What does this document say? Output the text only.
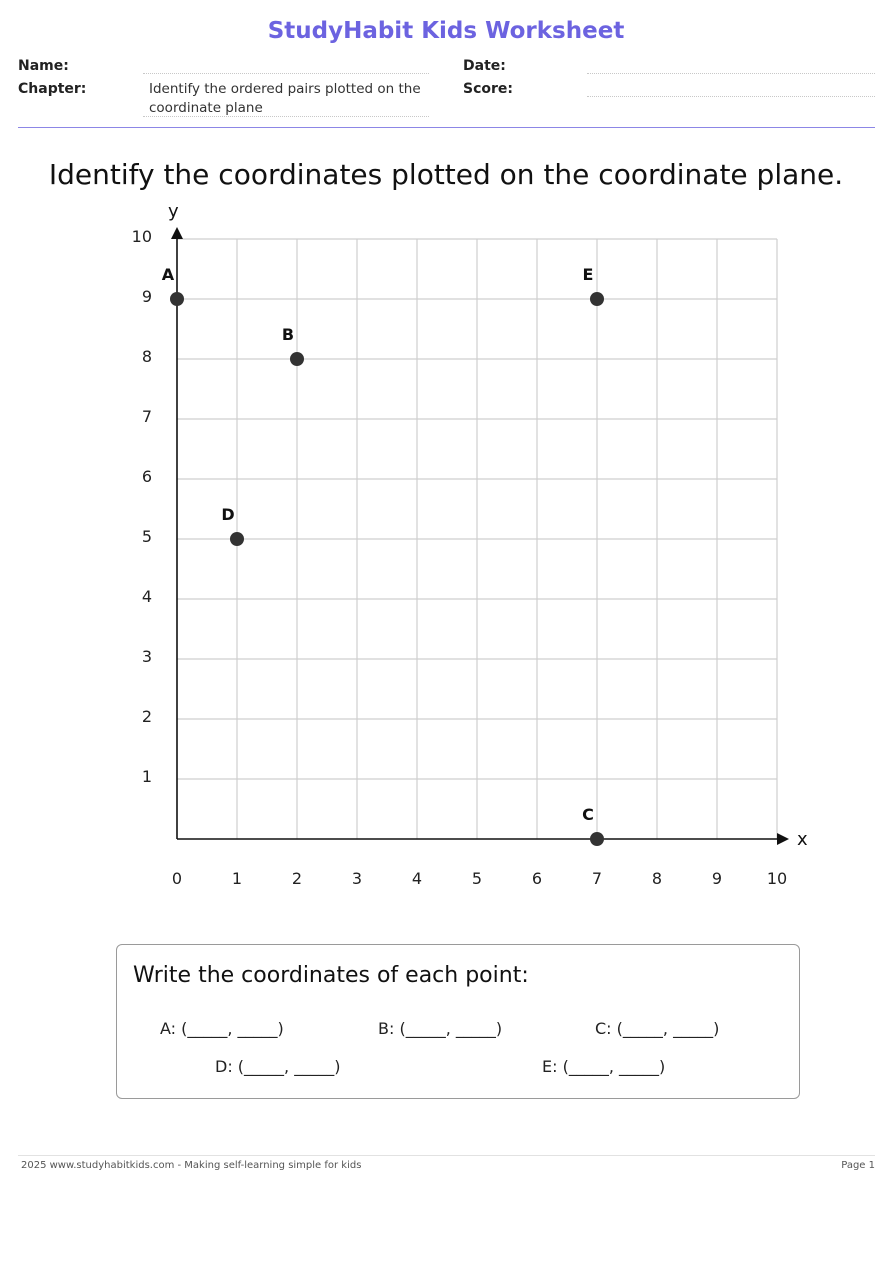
StudyHabit Kids Worksheet
Name:	Date:
Chapter:	Identify the ordered pairs plotted on the coordinate plane
Score:
Identify the coordinates plotted on the coordinate plane.
x
y
0	1	2	3	4	5	6	7	8	9	10
1
2
3
4
5
6
7
8
9
10
A
B
C
D
E
Write the coordinates of each point:
A: (_____, _____)	B: (_____, _____)	C: (_____, _____)
D: (_____, _____)	E: (_____, _____)
2025 www.studyhabitkids.com - Making self-learning simple for kids	Page 1
